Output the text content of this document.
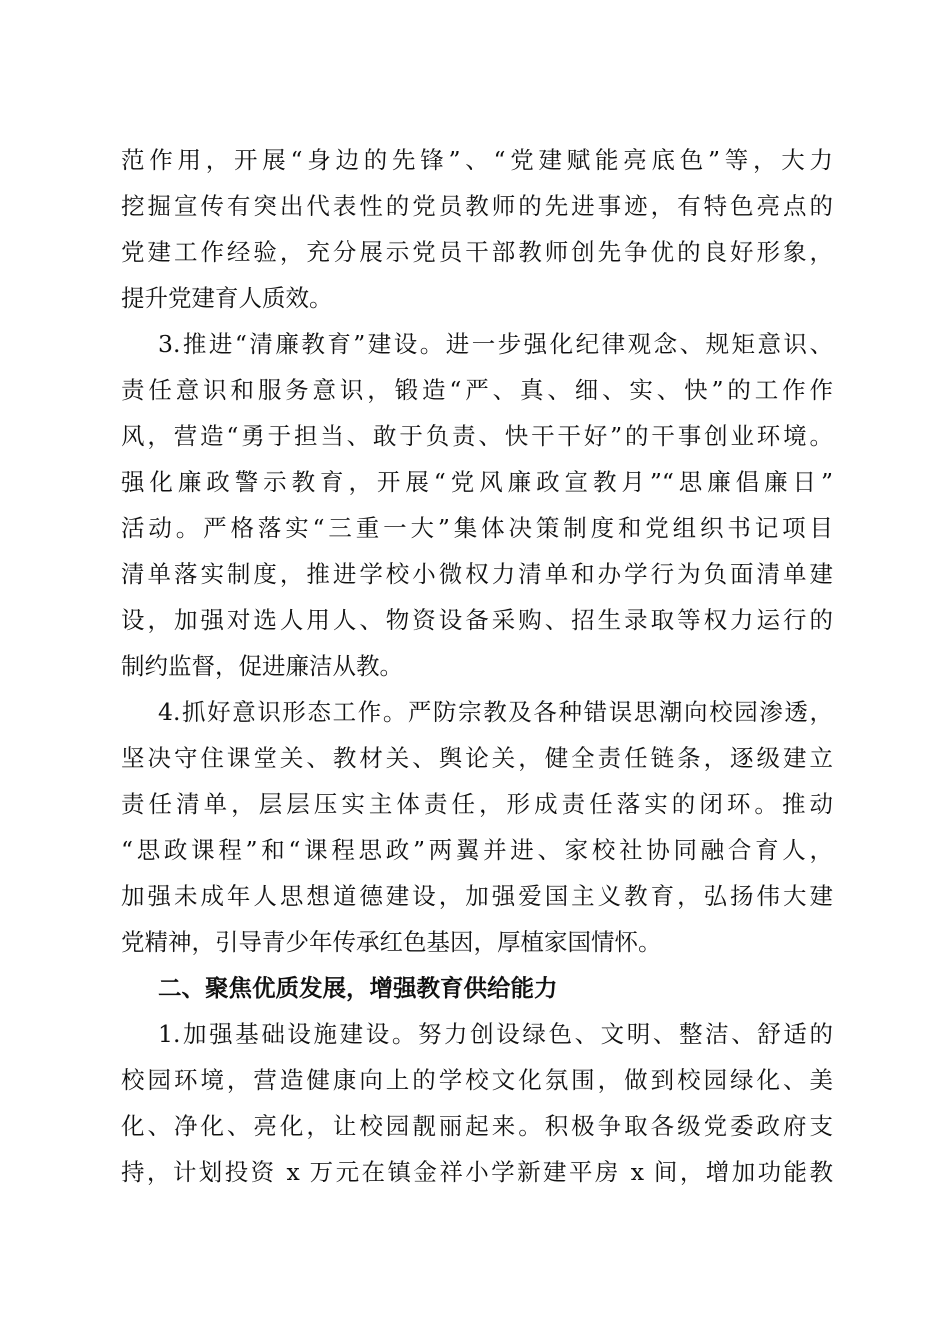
范作用，开展“身边的先锋”、“党建赋能亮底色”等，大力
挖掘宣传有突出代表性的党员教师的先进事迹，有特色亮点的
党建工作经验，充分展示党员干部教师创先争优的良好形象，
提升党建育人质效。
3.推进“清廉教育”建设。进一步强化纪律观念、规矩意识、
责任意识和服务意识，锻造“严、真、细、实、快”的工作作
风，营造“勇于担当、敢于负责、快干干好”的干事创业环境。
强化廉政警示教育，开展“党风廉政宣教月”“思廉倡廉日”
活动。严格落实“三重一大”集体决策制度和党组织书记项目
清单落实制度，推进学校小微权力清单和办学行为负面清单建
设，加强对选人用人、物资设备采购、招生录取等权力运行的
制约监督，促进廉洁从教。
4.抓好意识形态工作。严防宗教及各种错误思潮向校园渗透，
坚决守住课堂关、教材关、舆论关，健全责任链条，逐级建立
责任清单，层层压实主体责任，形成责任落实的闭环。推动
“思政课程”和“课程思政”两翼并进、家校社协同融合育人，
加强未成年人思想道德建设，加强爱国主义教育，弘扬伟大建
党精神，引导青少年传承红色基因，厚植家国情怀。
二、聚焦优质发展，增强教育供给能力
1.加强基础设施建设。努力创设绿色、文明、整洁、舒适的
校园环境，营造健康向上的学校文化氛围，做到校园绿化、美
化、净化、亮化，让校园靓丽起来。积极争取各级党委政府支
持，计划投资 x 万元在镇金祥小学新建平房 x 间，增加功能教
